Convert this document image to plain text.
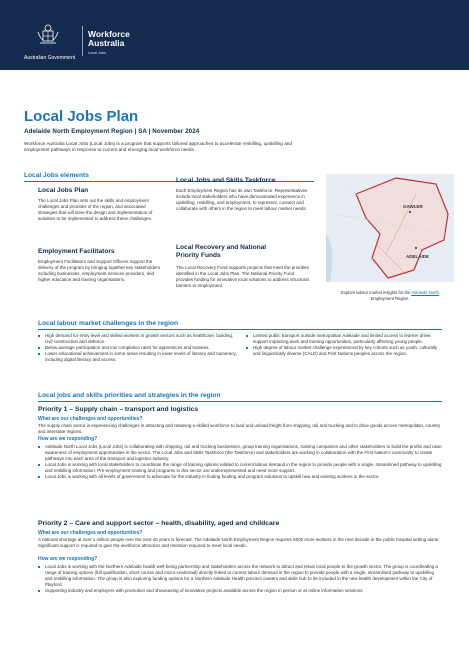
Australian Government
Workforce
Australia
Local Jobs
Local Jobs Plan
Adelaide North Employment Region | SA | November 2024
Workforce Australia Local Jobs (Local Jobs) is a program that supports tailored approaches to accelerate reskilling, upskilling and employment pathways in response to current and emerging local workforce needs.
Local Jobs elements
Local Jobs Plan
The Local Jobs Plan sets out the skills and employment challenges and priorities of the region, and associated strategies that will drive the design and implementation of activities to be implemented to address these challenges.
Employment Facilitators
Employment Facilitators and Support Officers support the delivery of the program by bringing together key stakeholders including businesses, employment services providers, and higher education and training organisations.
Local Jobs and Skills Taskforce
Each Employment Region has its own Taskforce. Representatives include local stakeholders who have demonstrated experience in upskilling, reskilling, and employment, to represent, connect and collaborate with others in the region to meet labour market needs.
Local Recovery and National
Priority Funds
The Local Recovery Fund supports projects that meet the priorities identified in the Local Jobs Plan. The National Priority Fund provides funding for innovative local solutions to address structural barriers to employment.
GAWLER
ADELAIDE
Explore labour market insights for the Adelaide North Employment Region.
Local labour market challenges in the region
High demand for entry level and skilled workers in growth sectors such as healthcare, building, civil construction and defence.
Below average participation and low completion rates for apprentices and trainees.
Lower educational achievement in some areas resulting in lower levels of literacy and numeracy, including digital literacy and access.
Limited public transport outside metropolitan Adelaide and limited access to learner driver support impacting work and training opportunities, particularly affecting young people.
High degree of labour market challenge experienced by key cohorts such as youth, culturally and linguistically diverse (CALD) and First Nations peoples across the region.
Local jobs and skills priorities and strategies in the region
Priority 1 – Supply chain – transport and logistics
What are our challenges and opportunities?
The supply chain sector is experiencing challenges in attracting and retaining a skilled workforce to load and unload freight from shipping, rail and trucking and to drive goods across metropolitan, country and interstate regions.
How are we responding?
Adelaide North Local Jobs (Local Jobs) is collaborating with shipping, rail and trucking businesses, group training organisations, training companies and other stakeholders to build the profile and raise awareness of employment opportunities in the sector. The Local Jobs and Skills Taskforce (the Taskforce) and stakeholders are working in collaboration with the First Nation's community to create pathways into each area of the transport and logistics industry.
Local Jobs is working with local stakeholders to coordinate the range of training options related to current labour demand in the region to provide people with a single, streamlined pathway to upskilling and reskilling information. Pre-employment training and programs in this sector are underrepresented and need more support.
Local Jobs is working with all levels of government to advocate for the industry in finding funding and program solutions to upskill new and existing workers in the sector.
Priority 2 – Care and support sector – health, disability, aged and childcare
What are our challenges and opportunities?
A national shortage at over 1 million people over the next 40 years is forecast. The Adelaide North Employment Region requires 5000 more workers in the next decade in the public hospital setting alone. Significant support is required to gain the workforce attraction and retention required to meet local needs.
How are we responding?
Local Jobs is working with the Northern Adelaide health well-being partnership and stakeholders across the network to attract and retain local people to the growth sector. The group is coordinating a range of training options (full qualification, short course and micro-credential) directly linked to current labour demand in the region to provide people with a single, streamlined pathway to upskilling and reskilling information. The group is also exploring funding options for a Northern Adelaide Health precinct careers and skills hub to be included in the new health development within the City of Playford.
Supporting industry and employers with promotion and showcasing of innovative projects available across the region in person or at online information sessions.
